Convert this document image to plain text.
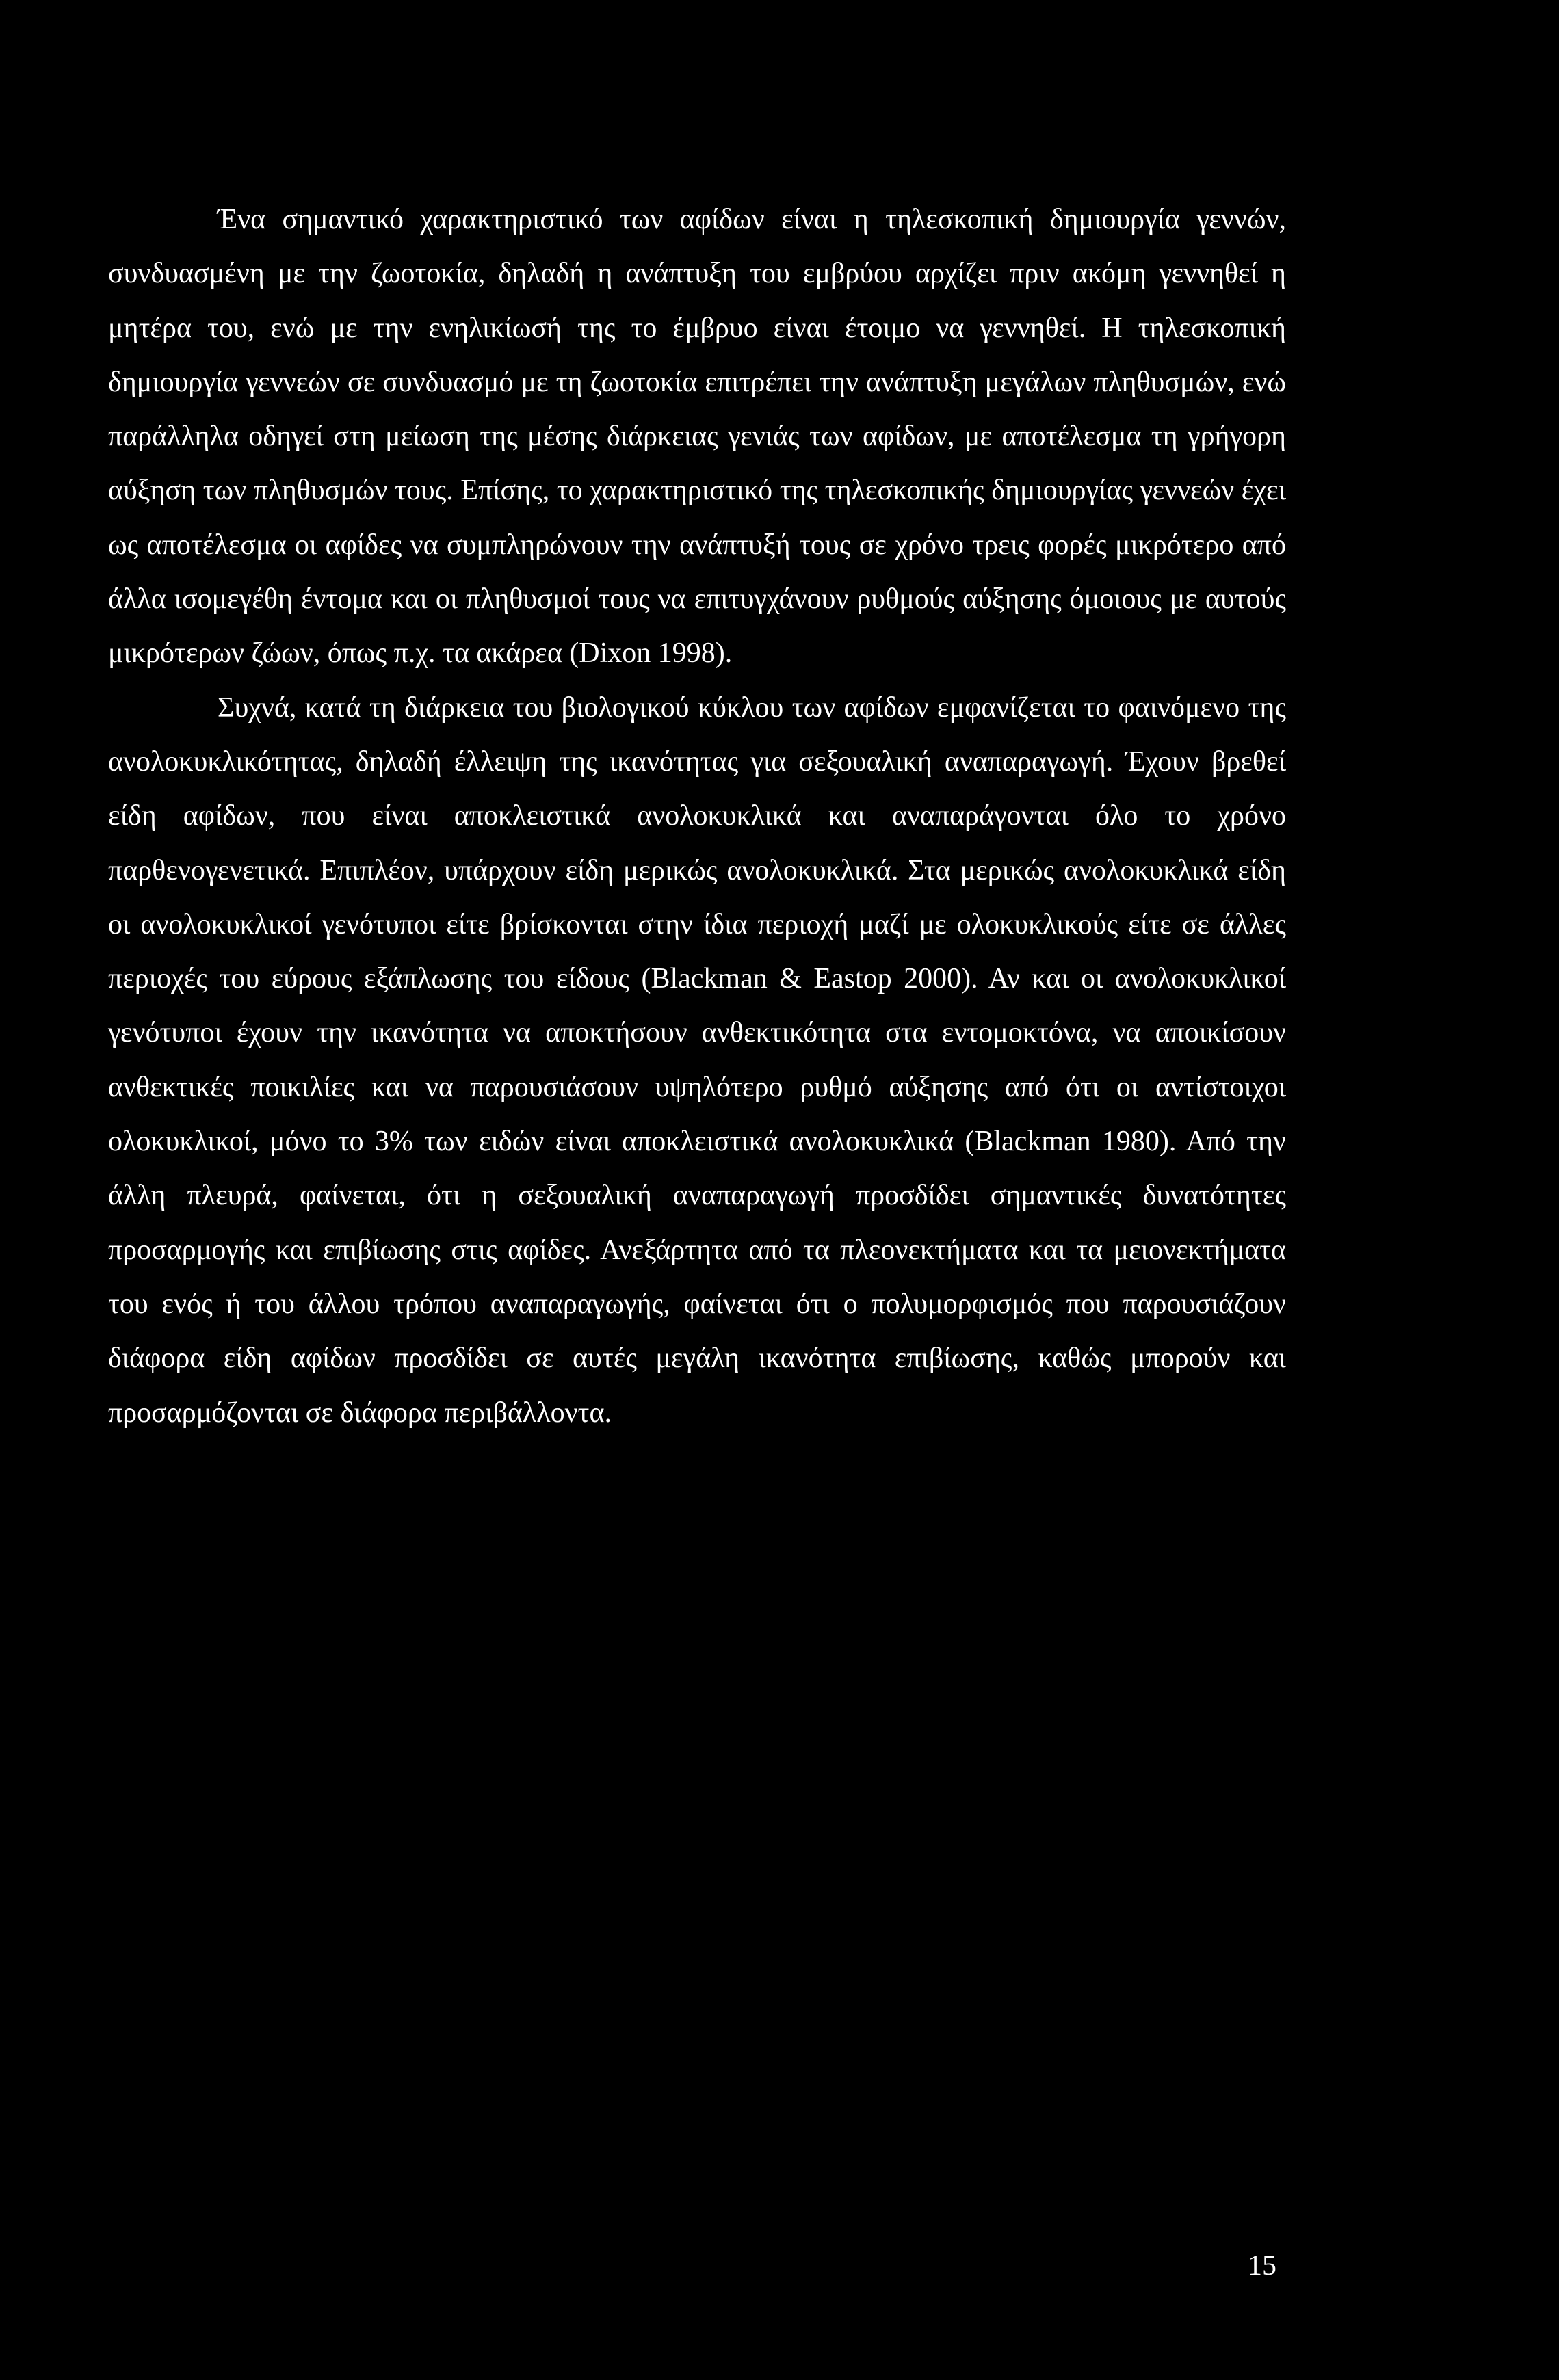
Ένα σημαντικό χαρακτηριστικό των αφίδων είναι η τηλεσκοπική δημιουργία γεννών, συνδυασμένη με την ζωοτοκία, δηλαδή η ανάπτυξη του εμβρύου αρχίζει πριν ακόμη γεννηθεί η μητέρα του, ενώ με την ενηλικίωσή της το έμβρυο είναι έτοιμο να γεννηθεί. Η τηλεσκοπική δημιουργία γεννεών σε συνδυασμό με τη ζωοτοκία επιτρέπει την ανάπτυξη μεγάλων πληθυσμών, ενώ παράλληλα οδηγεί στη μείωση της μέσης διάρκειας γενιάς των αφίδων, με αποτέλεσμα τη γρήγορη αύξηση των πληθυσμών τους. Επίσης, το χαρακτηριστικό της τηλεσκοπικής δημιουργίας γεννεών έχει ως αποτέλεσμα οι αφίδες να συμπληρώνουν την ανάπτυξή τους σε χρόνο τρεις φορές μικρότερο από άλλα ισομεγέθη έντομα και οι πληθυσμοί τους να επιτυγχάνουν ρυθμούς αύξησης όμοιους με αυτούς μικρότερων ζώων, όπως π.χ. τα ακάρεα (Dixon 1998).

Συχνά, κατά τη διάρκεια του βιολογικού κύκλου των αφίδων εμφανίζεται το φαινόμενο της ανολοκυκλικότητας, δηλαδή έλλειψη της ικανότητας για σεξουαλική αναπαραγωγή. Έχουν βρεθεί είδη αφίδων, που είναι αποκλειστικά ανολοκυκλικά και αναπαράγονται όλο το χρόνο παρθενογενετικά. Επιπλέον, υπάρχουν είδη μερικώς ανολοκυκλικά. Στα μερικώς ανολοκυκλικά είδη οι ανολοκυκλικοί γενότυποι είτε βρίσκονται στην ίδια περιοχή μαζί με ολοκυκλικούς είτε σε άλλες περιοχές του εύρους εξάπλωσης του είδους (Blackman & Eastop 2000). Αν και οι ανολοκυκλικοί γενότυποι έχουν την ικανότητα να αποκτήσουν ανθεκτικότητα στα εντομοκτόνα, να αποικίσουν ανθεκτικές ποικιλίες και να παρουσιάσουν υψηλότερο ρυθμό αύξησης από ότι οι αντίστοιχοι ολοκυκλικοί, μόνο το 3% των ειδών είναι αποκλειστικά ανολοκυκλικά (Blackman 1980). Από την άλλη πλευρά, φαίνεται, ότι η σεξουαλική αναπαραγωγή προσδίδει σημαντικές δυνατότητες προσαρμογής και επιβίωσης στις αφίδες. Ανεξάρτητα από τα πλεονεκτήματα και τα μειονεκτήματα του ενός ή του άλλου τρόπου αναπαραγωγής, φαίνεται ότι ο πολυμορφισμός που παρουσιάζουν διάφορα είδη αφίδων προσδίδει σε αυτές μεγάλη ικανότητα επιβίωσης, καθώς μπορούν και προσαρμόζονται σε διάφορα περιβάλλοντα.

15
